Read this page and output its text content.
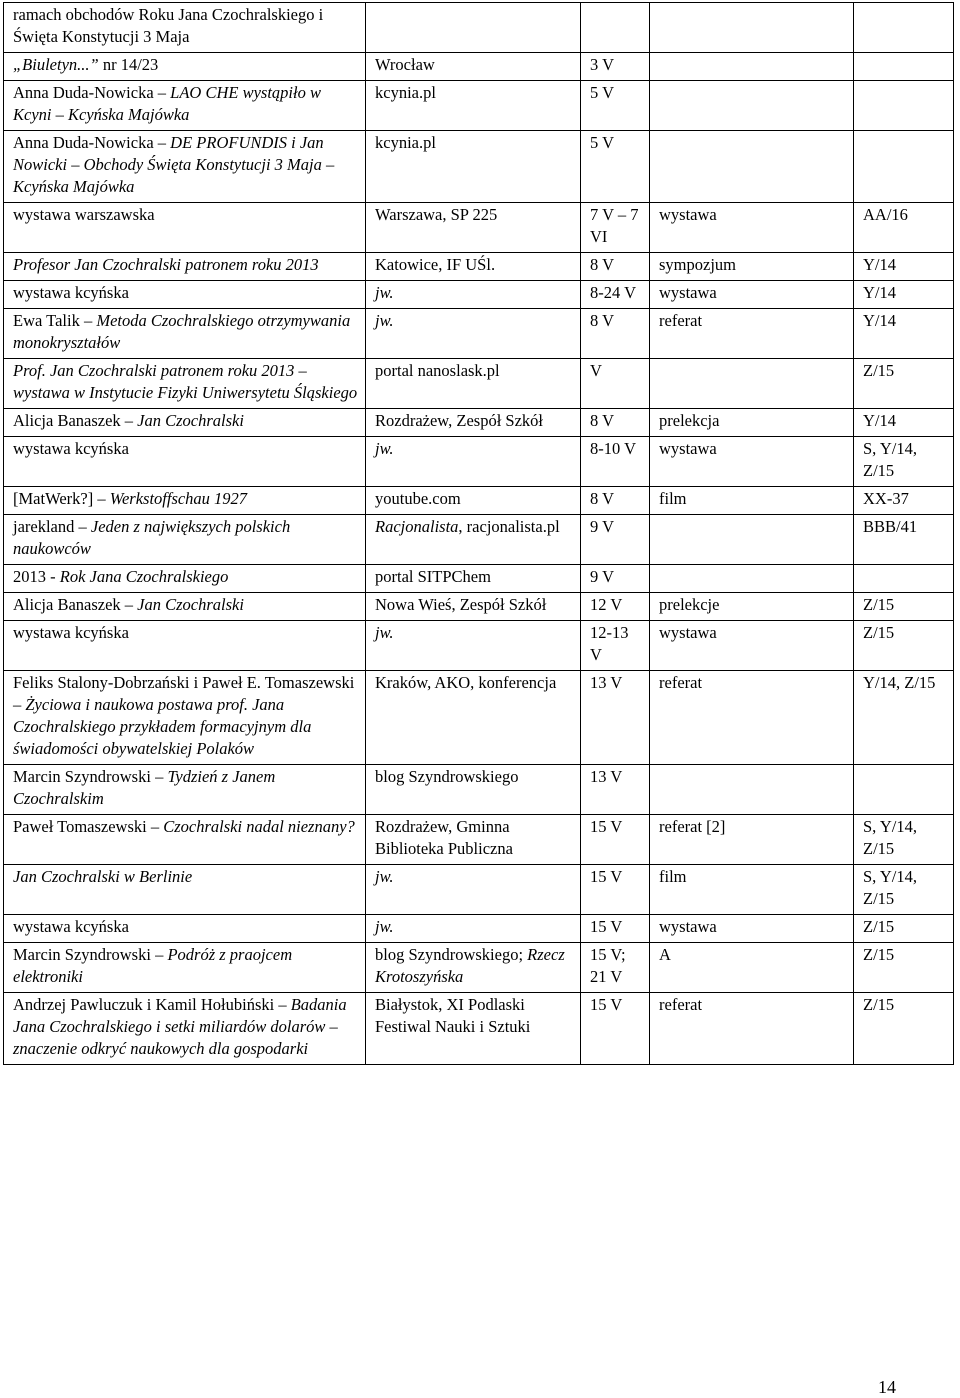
ramach obchodów Roku Jana Czochralskiego i Święta Konstytucji 3 Maja				
„Biuletyn...” nr 14/23	Wrocław	3 V		
Anna Duda-Nowicka – LAO CHE wystąpiło w Kcyni – Kcyńska Majówka	kcynia.pl	5 V		
Anna Duda-Nowicka – DE PROFUNDIS i Jan Nowicki – Obchody Święta Konstytucji 3 Maja – Kcyńska Majówka	kcynia.pl	5 V		
wystawa warszawska	Warszawa, SP 225	7 V – 7 VI	wystawa	AA/16
Profesor Jan Czochralski patronem roku 2013	Katowice, IF UŚl.	8 V	sympozjum	Y/14
wystawa kcyńska	jw.	8-24 V	wystawa	Y/14
Ewa Talik – Metoda Czochralskiego otrzymywania monokryształów	jw.	8 V	referat	Y/14
Prof. Jan Czochralski patronem roku 2013 – wystawa w Instytucie Fizyki Uniwersytetu Śląskiego	portal nanoslask.pl	V		Z/15
Alicja Banaszek – Jan Czochralski	Rozdrażew, Zespół Szkół	8 V	prelekcja	Y/14
wystawa kcyńska	jw.	8-10 V	wystawa	S, Y/14, Z/15
[MatWerk?] – Werkstoffschau 1927	youtube.com	8 V	film	XX-37
jarekland – Jeden z największych polskich naukowców	Racjonalista, racjonalista.pl	9 V		BBB/41
2013 - Rok Jana Czochralskiego	portal SITPChem	9 V		
Alicja Banaszek – Jan Czochralski	Nowa Wieś, Zespół Szkół	12 V	prelekcje	Z/15
wystawa kcyńska	jw.	12-13 V	wystawa	Z/15
Feliks Stalony-Dobrzański i Paweł E. Tomaszewski – Życiowa i naukowa postawa prof. Jana Czochralskiego przykładem formacyjnym dla świadomości obywatelskiej Polaków	Kraków, AKO, konferencja	13 V	referat	Y/14, Z/15
Marcin Szyndrowski – Tydzień z Janem Czochralskim	blog Szyndrowskiego	13 V		
Paweł Tomaszewski – Czochralski nadal nieznany?	Rozdrażew, Gminna Biblioteka Publiczna	15 V	referat [2]	S, Y/14, Z/15
Jan Czochralski w Berlinie	jw.	15 V	film	S, Y/14, Z/15
wystawa kcyńska	jw.	15 V	wystawa	Z/15
Marcin Szyndrowski – Podróż z praojcem elektroniki	blog Szyndrowskiego; Rzecz Krotoszyńska	15 V; 21 V	A	Z/15
Andrzej Pawluczuk i Kamil Hołubiński – Badania Jana Czochralskiego i setki miliardów dolarów – znaczenie odkryć naukowych dla gospodarki	Białystok, XI Podlaski Festiwal Nauki i Sztuki	15 V	referat	Z/15
14
